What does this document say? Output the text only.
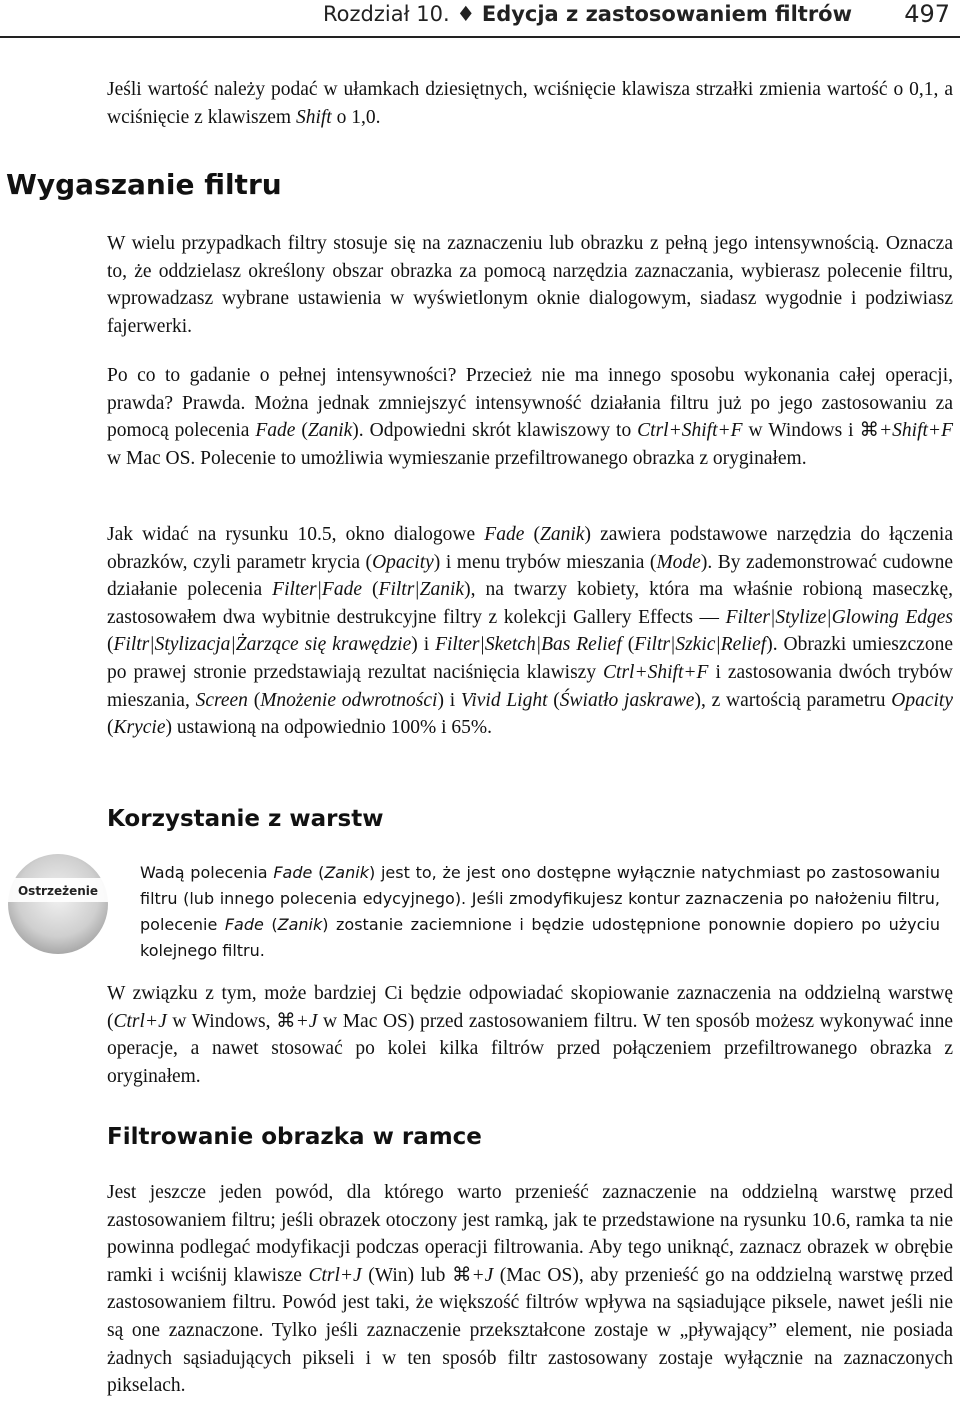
Rozdział 10. ♦ Edycja z zastosowaniem filtrów 497

Jeśli wartość należy podać w ułamkach dziesiętnych, wciśnięcie klawisza strzałki zmienia wartość o 0,1, a wciśnięcie z klawiszem Shift o 1,0.

Wygaszanie filtru

W wielu przypadkach filtry stosuje się na zaznaczeniu lub obrazku z pełną jego intensywnością. Oznacza to, że oddzielasz określony obszar obrazka za pomocą narzędzia zaznaczania, wybierasz polecenie filtru, wprowadzasz wybrane ustawienia w wyświetlonym oknie dialogowym, siadasz wygodnie i podziwiasz fajerwerki.

Po co to gadanie o pełnej intensywności? Przecież nie ma innego sposobu wykonania całej operacji, prawda? Prawda. Można jednak zmniejszyć intensywność działania filtru już po jego zastosowaniu za pomocą polecenia Fade (Zanik). Odpowiedni skrót klawiszowy to Ctrl+Shift+F w Windows i ⌘+Shift+F w Mac OS. Polecenie to umożliwia wymieszanie przefiltrowanego obrazka z oryginałem.

Jak widać na rysunku 10.5, okno dialogowe Fade (Zanik) zawiera podstawowe narzędzia do łączenia obrazków, czyli parametr krycia (Opacity) i menu trybów mieszania (Mode). By zademonstrować cudowne działanie polecenia Filter|Fade (Filtr|Zanik), na twarzy kobiety, która ma właśnie robioną maseczkę, zastosowałem dwa wybitnie destrukcyjne filtry z kolekcji Gallery Effects — Filter|Stylize|Glowing Edges (Filtr|Stylizacja|Żarzące się krawędzie) i Filter|Sketch|Bas Relief (Filtr|Szkic|Relief). Obrazki umieszczone po prawej stronie przedstawiają rezultat naciśnięcia klawiszy Ctrl+Shift+F i zastosowania dwóch trybów mieszania, Screen (Mnożenie odwrotności) i Vivid Light (Światło jaskrawe), z wartością parametru Opacity (Krycie) ustawioną na odpowiednio 100% i 65%.

Korzystanie z warstw
Ostrzeżenie

Wadą polecenia Fade (Zanik) jest to, że jest ono dostępne wyłącznie natychmiast po zastosowaniu filtru (lub innego polecenia edycyjnego). Jeśli zmodyfikujesz kontur zaznaczenia po nałożeniu filtru, polecenie Fade (Zanik) zostanie zaciemnione i będzie udostępnione ponownie dopiero po użyciu kolejnego filtru.

W związku z tym, może bardziej Ci będzie odpowiadać skopiowanie zaznaczenia na oddzielną warstwę (Ctrl+J w Windows, ⌘+J w Mac OS) przed zastosowaniem filtru. W ten sposób możesz wykonywać inne operacje, a nawet stosować po kolei kilka filtrów przed połączeniem przefiltrowanego obrazka z oryginałem.

Filtrowanie obrazka w ramce

Jest jeszcze jeden powód, dla którego warto przenieść zaznaczenie na oddzielną warstwę przed zastosowaniem filtru; jeśli obrazek otoczony jest ramką, jak te przedstawione na rysunku 10.6, ramka ta nie powinna podlegać modyfikacji podczas operacji filtrowania. Aby tego uniknąć, zaznacz obrazek w obrębie ramki i wciśnij klawisze Ctrl+J (Win) lub ⌘+J (Mac OS), aby przenieść go na oddzielną warstwę przed zastosowaniem filtru. Powód jest taki, że większość filtrów wpływa na sąsiadujące piksele, nawet jeśli nie są one zaznaczone. Tylko jeśli zaznaczenie przekształcone zostaje w „pływający” element, nie posiada żadnych sąsiadujących pikseli i w ten sposób filtr zastosowany zostaje wyłącznie na zaznaczonych pikselach.
